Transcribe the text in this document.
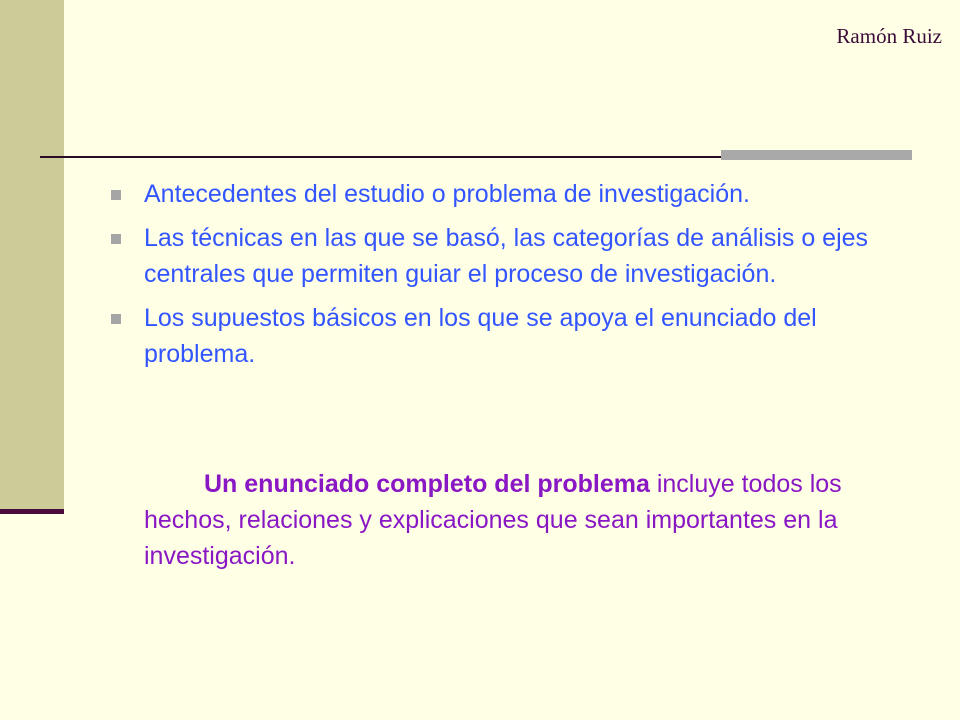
Ramón Ruiz
Antecedentes del estudio o problema de investigación.
Las técnicas en las que se basó, las categorías de análisis o ejes centrales que permiten guiar el proceso de investigación.
Los supuestos básicos en los que se apoya el enunciado del problema.
Un enunciado completo del problema incluye todos los hechos, relaciones y explicaciones que sean importantes en la investigación.
